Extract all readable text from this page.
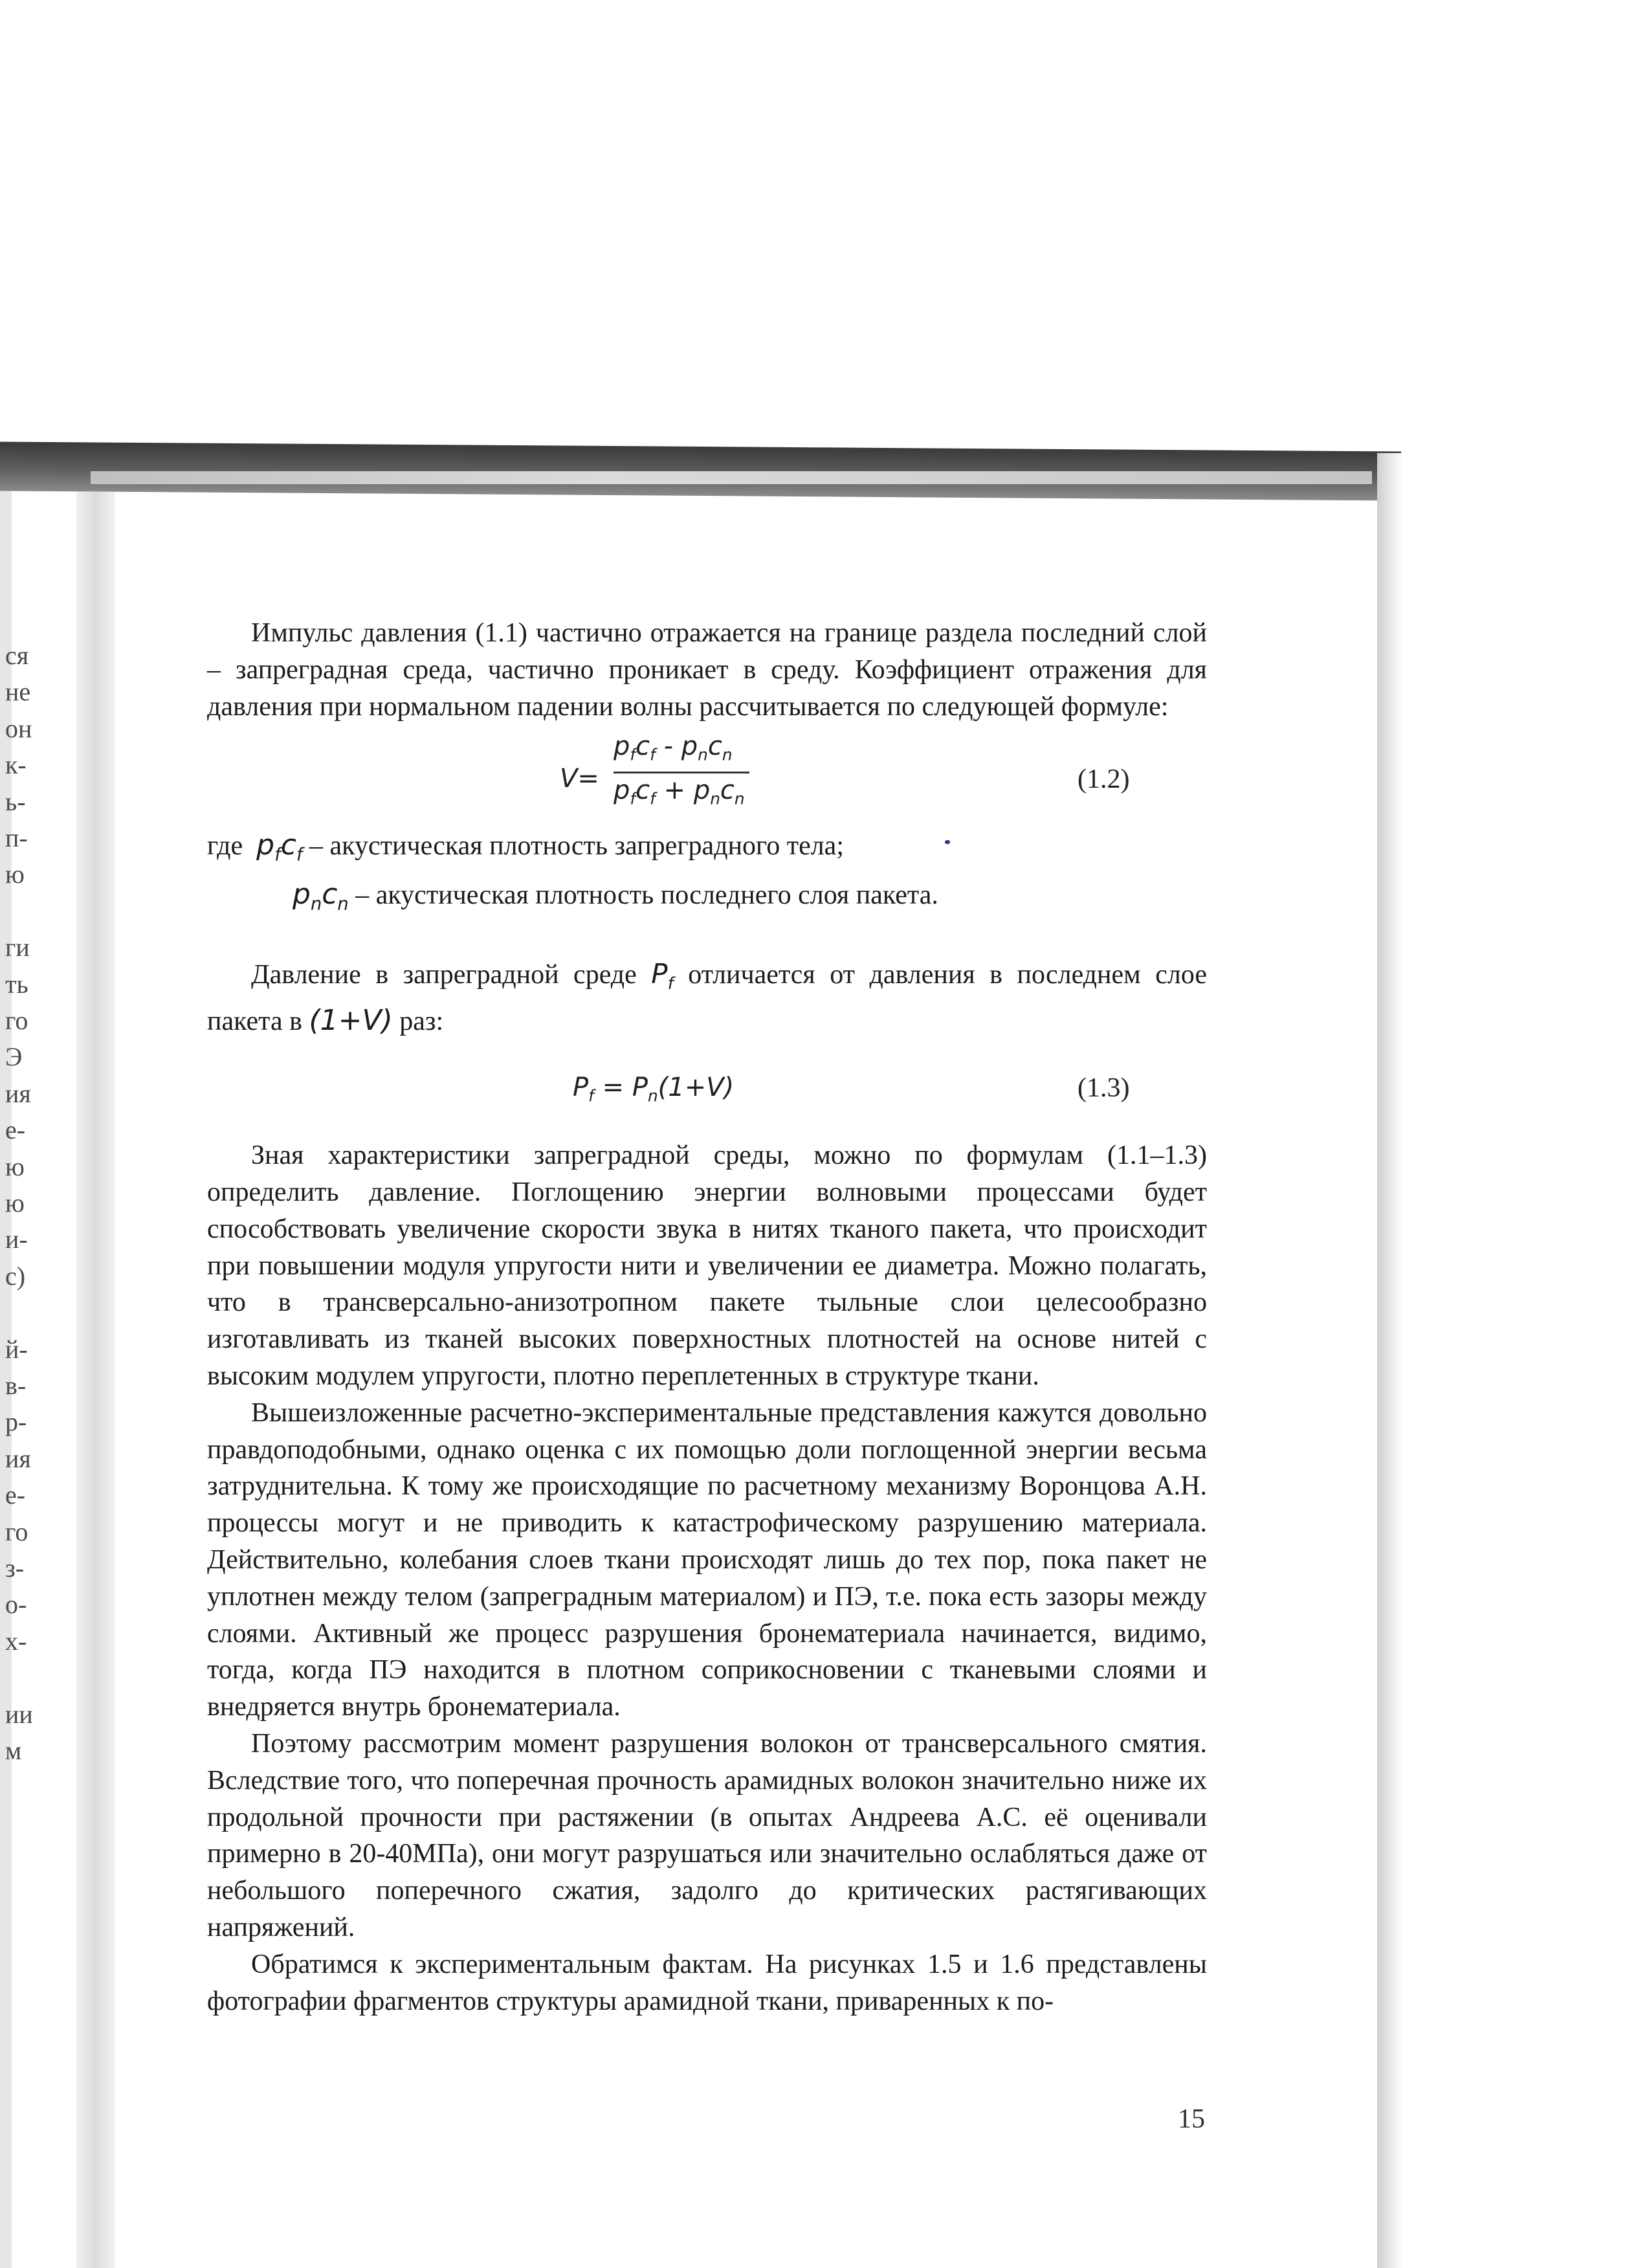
ся
не
он
к-
ь-
п-
ю
ги
ть
го
Э
ия
е-
ю
ю
и-
с)
й-
в-
р-
ия
е-
го
з-
о-
х-
ии
м

Импульс давления (1.1) частично отражается на границе раздела последний слой – запреградная среда, частично проникает в среду. Коэффициент отражения для давления при нормальном падении волны рассчитывается по следующей формуле:

V=
$p_fc_f - p_nc_n$
$p_fc_f + p_nc_n$
(1.2)
где $p_fc_f$ – акустическая плотность запреградного тела;
$p_nc_n$ – акустическая плотность последнего слоя пакета.

Давление в запреградной среде $P_f$ отличается от давления в последнем слое пакета в (1+V) раз:

$P_f = P_n(1+V)$	(1.3)

Зная характеристики запреградной среды, можно по формулам (1.1–1.3) определить давление. Поглощению энергии волновыми процессами будет способствовать увеличение скорости звука в нитях тканого пакета, что происходит при повышении модуля упругости нити и увеличении ее диаметра. Можно полагать, что в трансверсально-анизотропном пакете тыльные слои целесообразно изготавливать из тканей высоких поверхностных плотностей на основе нитей с высоким модулем упругости, плотно переплетенных в структуре ткани.

Вышеизложенные расчетно-экспериментальные представления кажутся довольно правдоподобными, однако оценка с их помощью доли поглощенной энергии весьма затруднительна. К тому же происходящие по расчетному механизму Воронцова А.Н. процессы могут и не приводить к катастрофическому разрушению материала. Действительно, колебания слоев ткани происходят лишь до тех пор, пока пакет не уплотнен между телом (запреградным материалом) и ПЭ, т.е. пока есть зазоры между слоями. Активный же процесс разрушения бронематериала начинается, видимо, тогда, когда ПЭ находится в плотном соприкосновении с тканевыми слоями и внедряется внутрь бронематериала.

Поэтому рассмотрим момент разрушения волокон от трансверсального смятия. Вследствие того, что поперечная прочность арамидных волокон значительно ниже их продольной прочности при растяжении (в опытах Андреева А.С. её оценивали примерно в 20-40МПа), они могут разрушаться или значительно ослабляться даже от небольшого поперечного сжатия, задолго до критических растягивающих напряжений.

Обратимся к экспериментальным фактам. На рисунках 1.5 и 1.6 представлены фотографии фрагментов структуры арамидной ткани, приваренных к по-

15
